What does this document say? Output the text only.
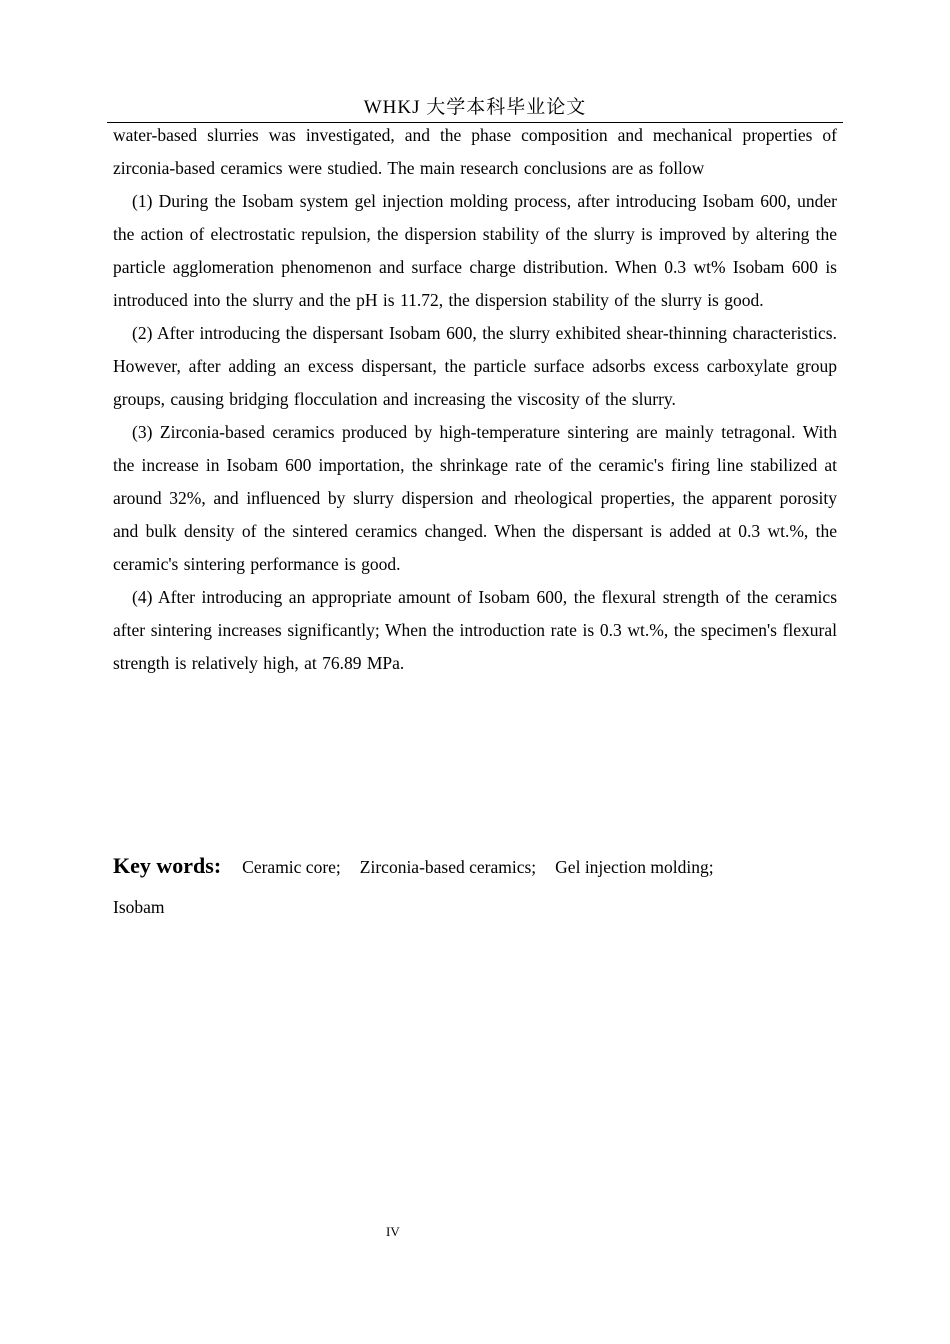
WHKJ 大学本科毕业论文

water-based slurries was investigated, and the phase composition and mechanical properties of zirconia-based ceramics were studied. The main research conclusions are as follow

(1) During the Isobam system gel injection molding process, after introducing Isobam 600, under the action of electrostatic repulsion, the dispersion stability of the slurry is improved by altering the particle agglomeration phenomenon and surface charge distribution. When 0.3 wt% Isobam 600 is introduced into the slurry and the pH is 11.72, the dispersion stability of the slurry is good.

(2) After introducing the dispersant Isobam 600, the slurry exhibited shear-thinning characteristics. However, after adding an excess dispersant, the particle surface adsorbs excess carboxylate group groups, causing bridging flocculation and increasing the viscosity of the slurry.

(3) Zirconia-based ceramics produced by high-temperature sintering are mainly tetragonal. With the increase in Isobam 600 importation, the shrinkage rate of the ceramic's firing line stabilized at around 32%, and influenced by slurry dispersion and rheological properties, the apparent porosity and bulk density of the sintered ceramics changed. When the dispersant is added at 0.3 wt.%, the ceramic's sintering performance is good.

(4) After introducing an appropriate amount of Isobam 600, the flexural strength of the ceramics after sintering increases significantly; When the introduction rate is 0.3 wt.%, the specimen's flexural strength is relatively high, at 76.89 MPa.

Key words: Ceramic core; Zirconia-based ceramics; Gel injection molding;
Isobam
IV
